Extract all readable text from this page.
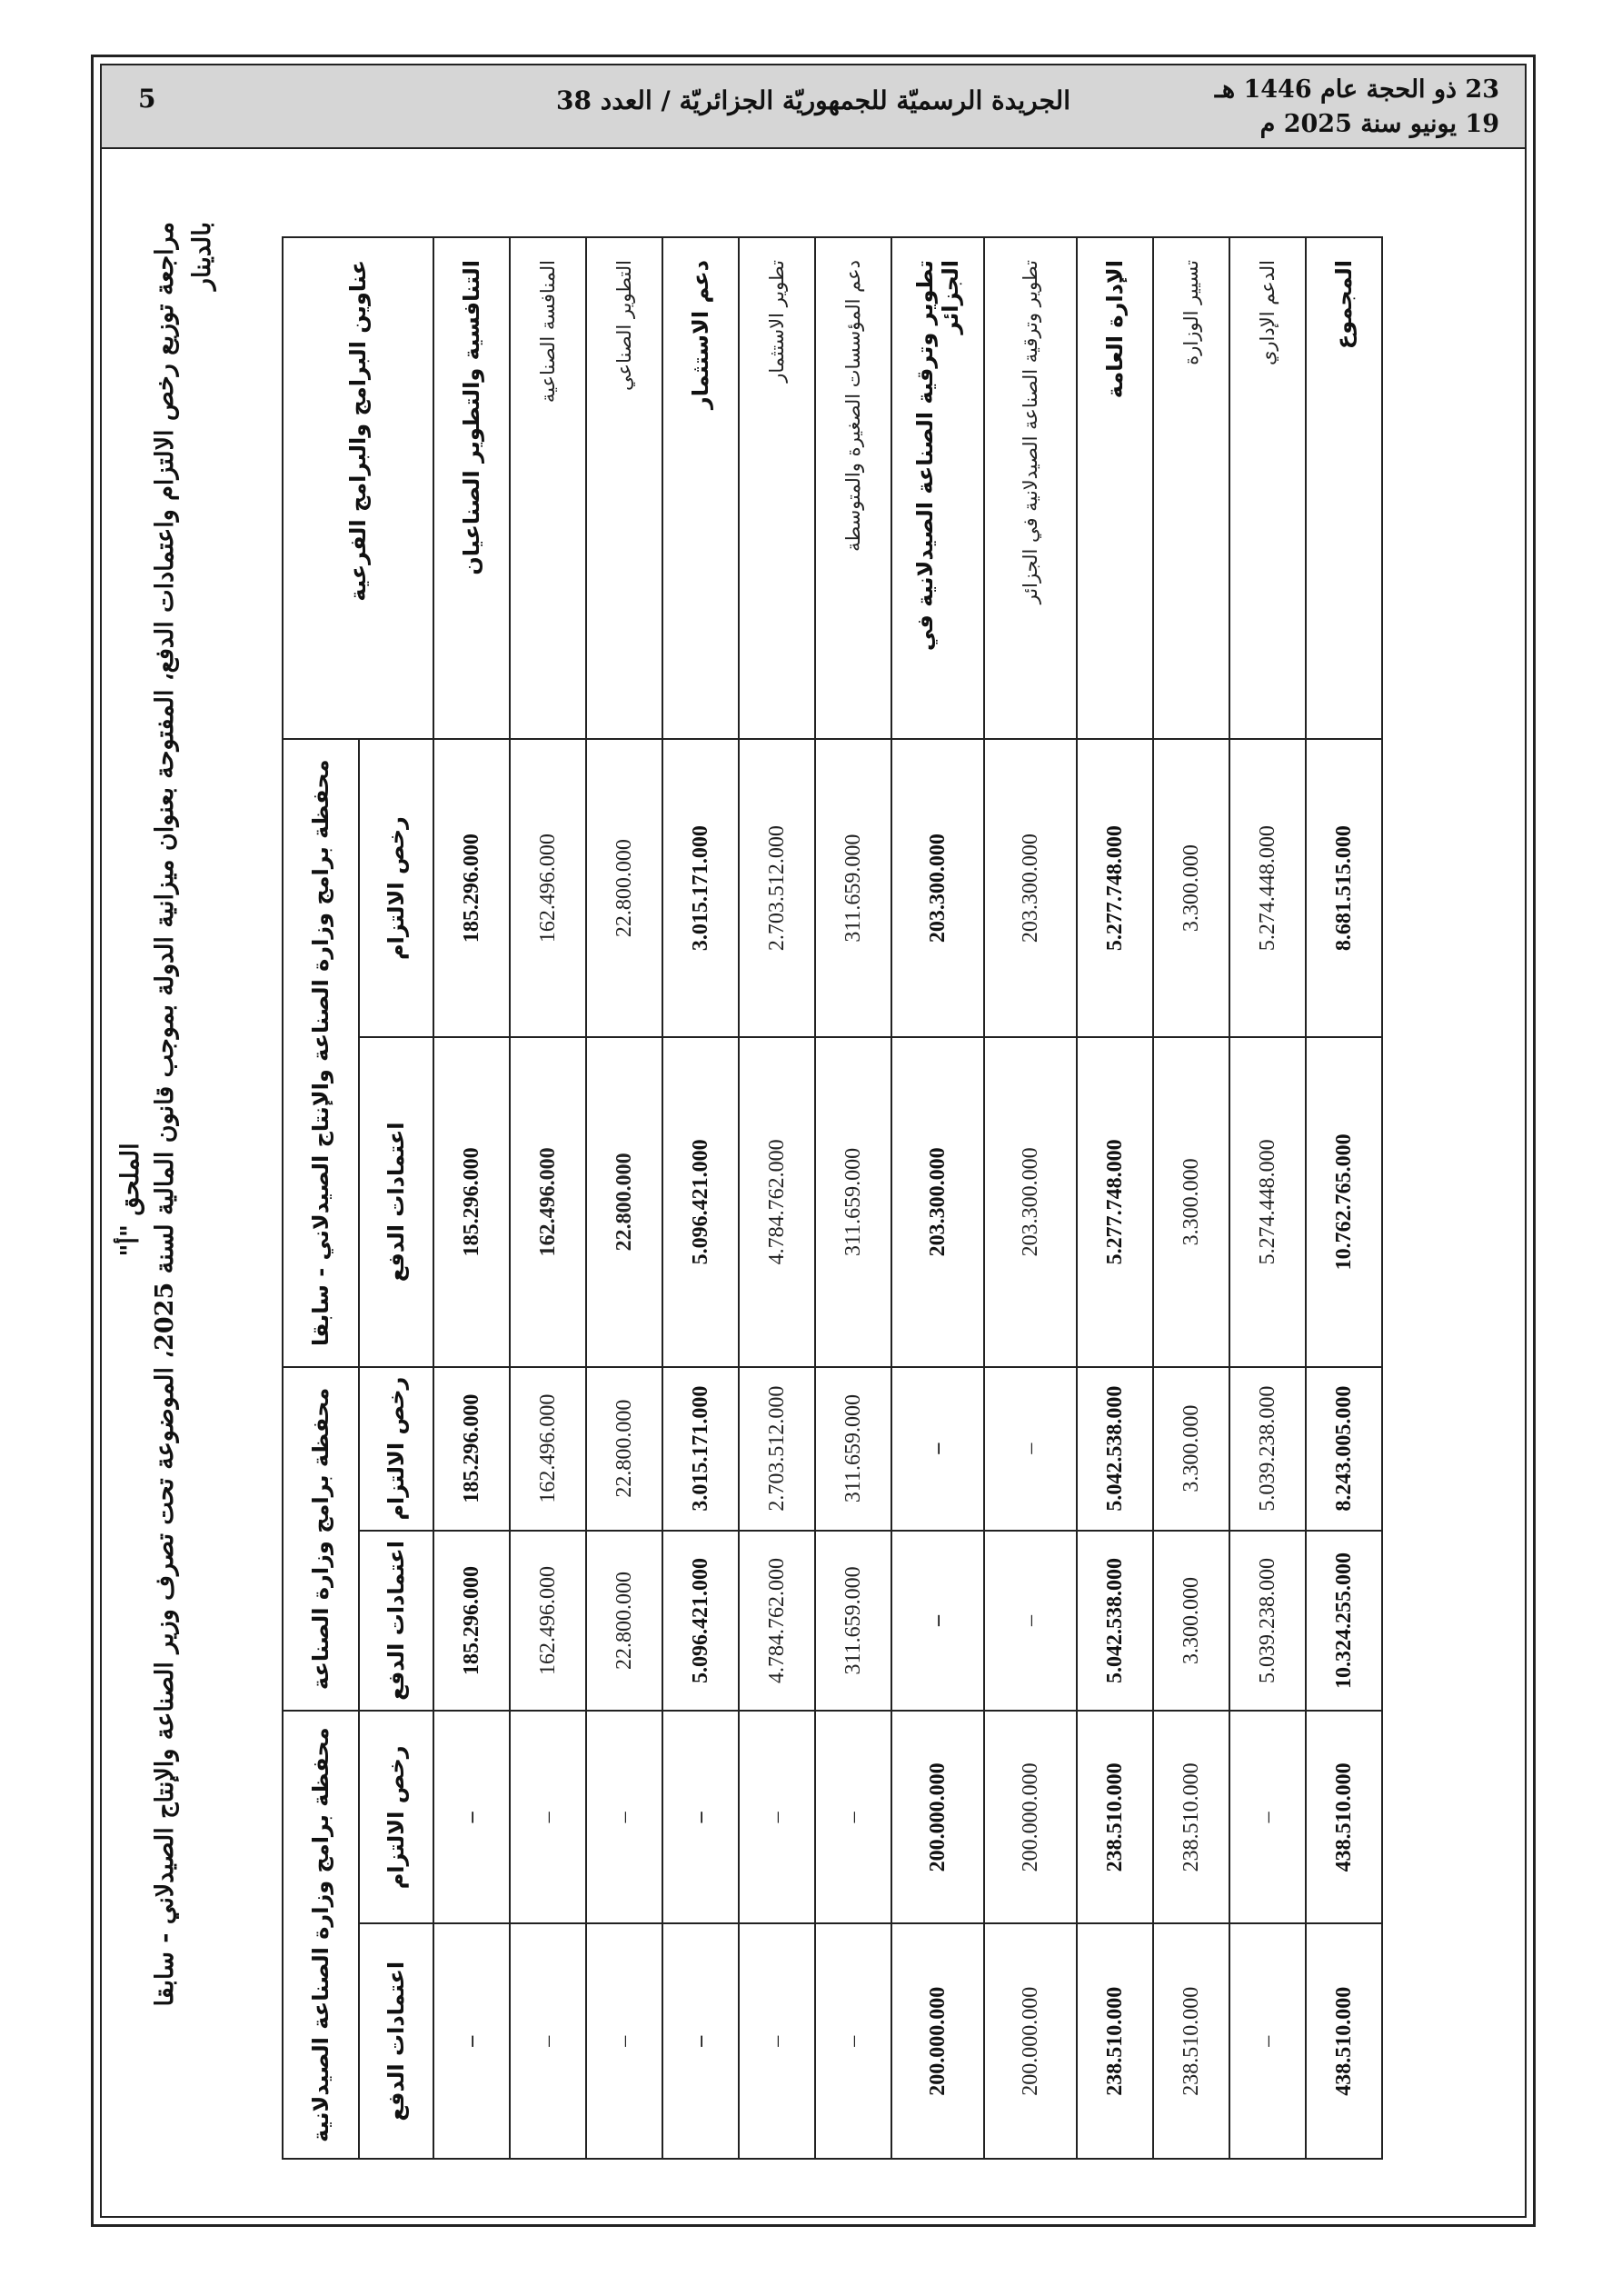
23 ذو الحجة عام 1446 هـ
19 يونيو سنة 2025 م
الجريدة الرسميّة للجمهوريّة الجزائريّة / العدد 38
5
الملحق "أ"
مراجعة توزيع رخص الالتزام واعتمادات الدفع، المفتوحة بعنوان ميزانية الدولة بموجب قانون المالية لسنة 2025، الموضوعة تحت تصرف وزير الصناعة والإنتاج الصيدلاني - سابقا بالدينار
عناوين البرامج والبرامج الفرعية	محفظة برامج وزارة الصناعة والإنتاج الصيدلاني - سابقا		محفظة برامج وزارة الصناعة		محفظة برامج وزارة الصناعة الصيدلانية	
	رخص الالتزام	اعتمادات الدفع	رخص الالتزام	اعتمادات الدفع	رخص الالتزام	اعتمادات الدفع
التنافسية والتطوير الصناعيان	185.296.000	185.296.000	185.296.000	185.296.000	–	–
المنافسة الصناعية	162.496.000	162.496.000	162.496.000	162.496.000	–	–
التطوير الصناعي	22.800.000	22.800.000	22.800.000	22.800.000	–	–
دعم الاستثمار	3.015.171.000	5.096.421.000	3.015.171.000	5.096.421.000	–	–
تطوير الاستثمار	2.703.512.000	4.784.762.000	2.703.512.000	4.784.762.000	–	–
دعم المؤسسات الصغيرة والمتوسطة	311.659.000	311.659.000	311.659.000	311.659.000	–	–
تطوير وترقية الصناعة الصيدلانية في الجزائر	203.300.000	203.300.000	–	–	200.000.000	200.000.000
تطوير وترقية الصناعة الصيدلانية في الجزائر	203.300.000	203.300.000	–	–	200.000.000	200.000.000
الإدارة العامة	5.277.748.000	5.277.748.000	5.042.538.000	5.042.538.000	238.510.000	238.510.000
تسيير الوزارة	3.300.000	3.300.000	3.300.000	3.300.000	238.510.000	238.510.000
الدعم الإداري	5.274.448.000	5.274.448.000	5.039.238.000	5.039.238.000	–	–
المجموع	8.681.515.000	10.762.765.000	8.243.005.000	10.324.255.000	438.510.000	438.510.000
